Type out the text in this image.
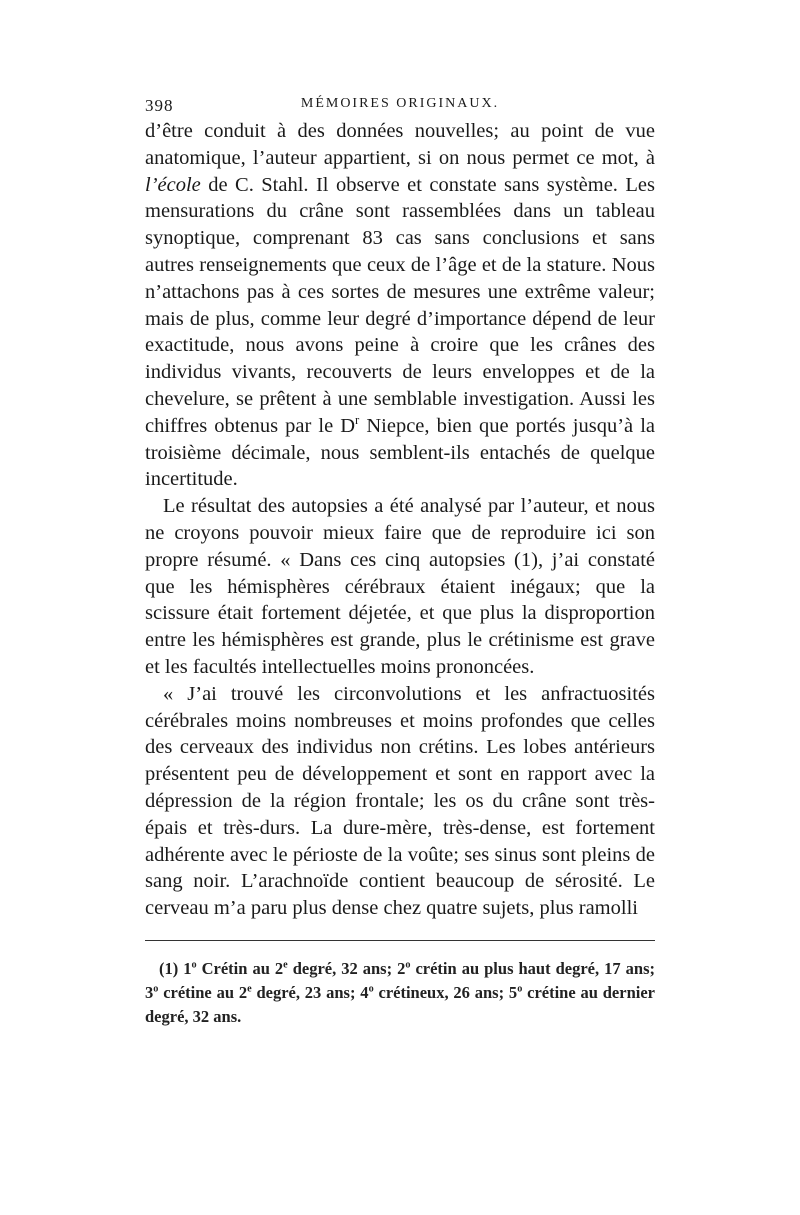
398	MÉMOIRES ORIGINAUX.

d’être conduit à des données nouvelles; au point de vue anatomique, l’auteur appartient, si on nous permet ce mot, à l’école de C. Stahl. Il observe et constate sans système. Les mensurations du crâne sont rassemblées dans un tableau synoptique, comprenant 83 cas sans conclusions et sans autres renseignements que ceux de l’âge et de la stature. Nous n’attachons pas à ces sortes de mesures une extrême valeur; mais de plus, comme leur degré d’importance dépend de leur exactitude, nous avons peine à croire que les crânes des individus vivants, recouverts de leurs enveloppes et de la chevelure, se prêtent à une semblable investigation. Aussi les chiffres obtenus par le $D^r$ Niepce, bien que portés jusqu’à la troisième décimale, nous semblent-ils entachés de quelque incertitude.

Le résultat des autopsies a été analysé par l’auteur, et nous ne croyons pouvoir mieux faire que de reproduire ici son propre résumé. « Dans ces cinq autopsies (1), j’ai constaté que les hémisphères cérébraux étaient inégaux; que la scissure était fortement déjetée, et que plus la disproportion entre les hémisphères est grande, plus le crétinisme est grave et les facultés intellectuelles moins prononcées.

« J’ai trouvé les circonvolutions et les anfractuosités cérébrales moins nombreuses et moins profondes que celles des cerveaux des individus non crétins. Les lobes antérieurs présentent peu de développement et sont en rapport avec la dépression de la région frontale; les os du crâne sont très-épais et très-durs. La dure-mère, très-dense, est fortement adhérente avec le périoste de la voûte; ses sinus sont pleins de sang noir. L’arachnoïde contient beaucoup de sérosité. Le cerveau m’a paru plus dense chez quatre sujets, plus ramolli

(1) 1$^o$ Crétin au 2e degré, 32 ans; 2$^o$ crétin au plus haut degré, 17 ans; 3$^o$ crétine au 2e degré, 23 ans; 4$^o$ crétineux, 26 ans; 5$^o$ crétine au dernier degré, 32 ans.
